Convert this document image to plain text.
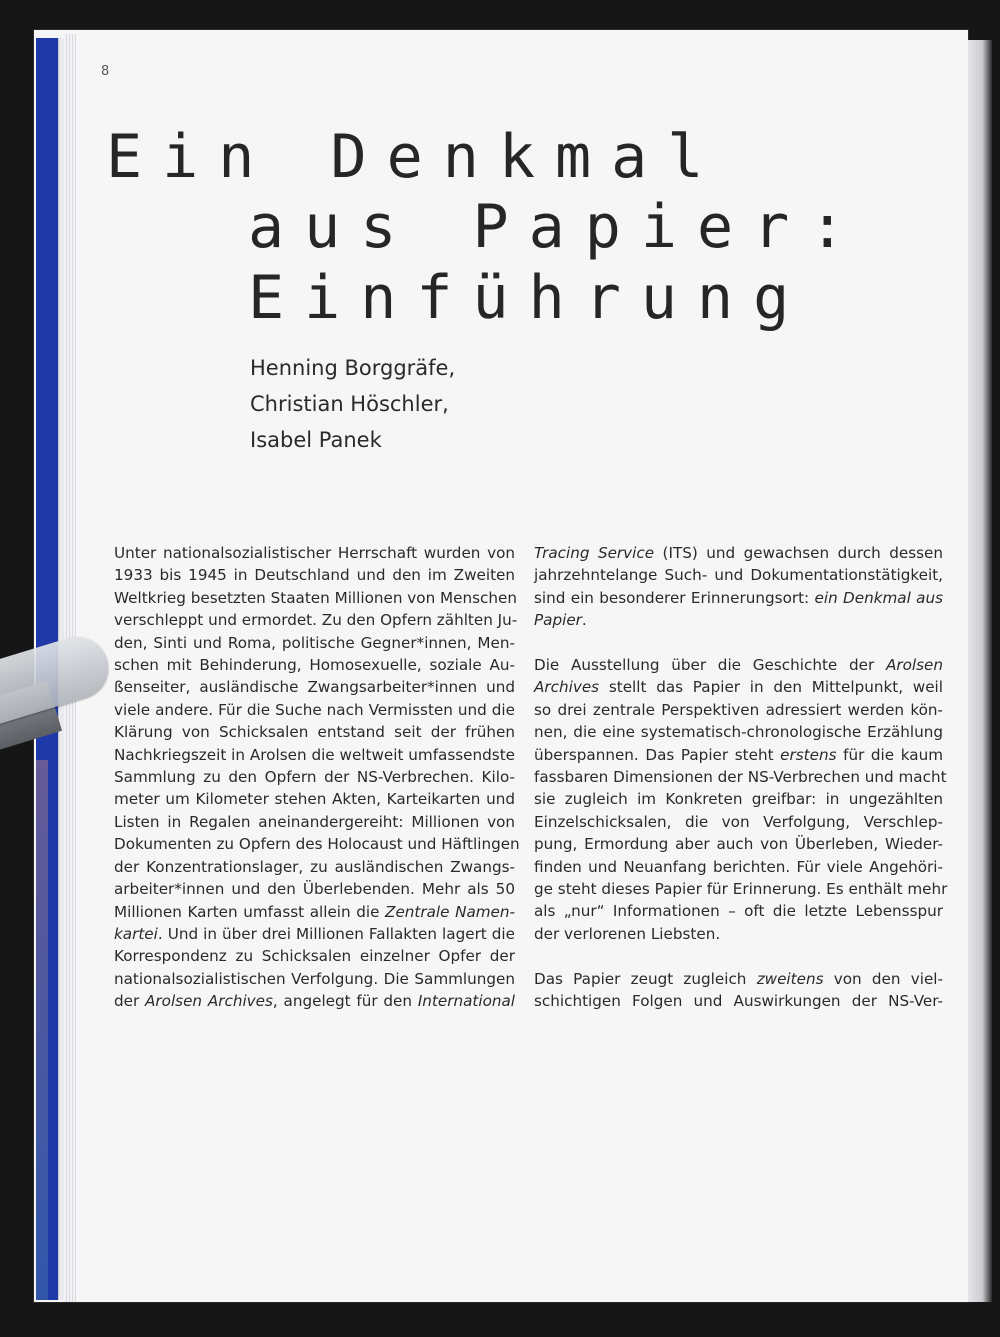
8
Ein Denkmal
aus Papier:
Einführung
Henning Borggräfe,
Christian Höschler,
Isabel Panek
Unter nationalsozialistischer Herrschaft wurden von
1933 bis 1945 in Deutschland und den im Zweiten
Weltkrieg besetzten Staaten Millionen von Menschen
verschleppt und ermordet. Zu den Opfern zählten Ju-
den, Sinti und Roma, politische Gegner*innen, Men-
schen mit Behinderung, Homosexuelle, soziale Au-
ßenseiter, ausländische Zwangsarbeiter*innen und
viele andere. Für die Suche nach Vermissten und die
Klärung von Schicksalen entstand seit der frühen
Nachkriegszeit in Arolsen die weltweit umfassendste
Sammlung zu den Opfern der NS-Verbrechen. Kilo-
meter um Kilometer stehen Akten, Karteikarten und
Listen in Regalen aneinandergereiht: Millionen von
Dokumenten zu Opfern des Holocaust und Häftlingen
der Konzentrationslager, zu ausländischen Zwangs-
arbeiter*innen und den Überlebenden. Mehr als 50
Millionen Karten umfasst allein die Zentrale Namen-
kartei. Und in über drei Millionen Fallakten lagert die
Korrespondenz zu Schicksalen einzelner Opfer der
nationalsozialistischen Verfolgung. Die Sammlungen
der Arolsen Archives, angelegt für den International
Tracing Service (ITS) und gewachsen durch dessen
jahrzehntelange Such- und Dokumentationstätigkeit,
sind ein besonderer Erinnerungsort: ein Denkmal aus
Papier.
Die Ausstellung über die Geschichte der Arolsen
Archives stellt das Papier in den Mittelpunkt, weil
so drei zentrale Perspektiven adressiert werden kön-
nen, die eine systematisch-chronologische Erzählung
überspannen. Das Papier steht erstens für die kaum
fassbaren Dimensionen der NS-Verbrechen und macht
sie zugleich im Konkreten greifbar: in ungezählten
Einzelschicksalen, die von Verfolgung, Verschlep-
pung, Ermordung aber auch von Überleben, Wieder-
finden und Neuanfang berichten. Für viele Angehöri-
ge steht dieses Papier für Erinnerung. Es enthält mehr
als „nur“ Informationen – oft die letzte Lebensspur
der verlorenen Liebsten.
Das Papier zeugt zugleich zweitens von den viel-
schichtigen Folgen und Auswirkungen der NS-Ver-
